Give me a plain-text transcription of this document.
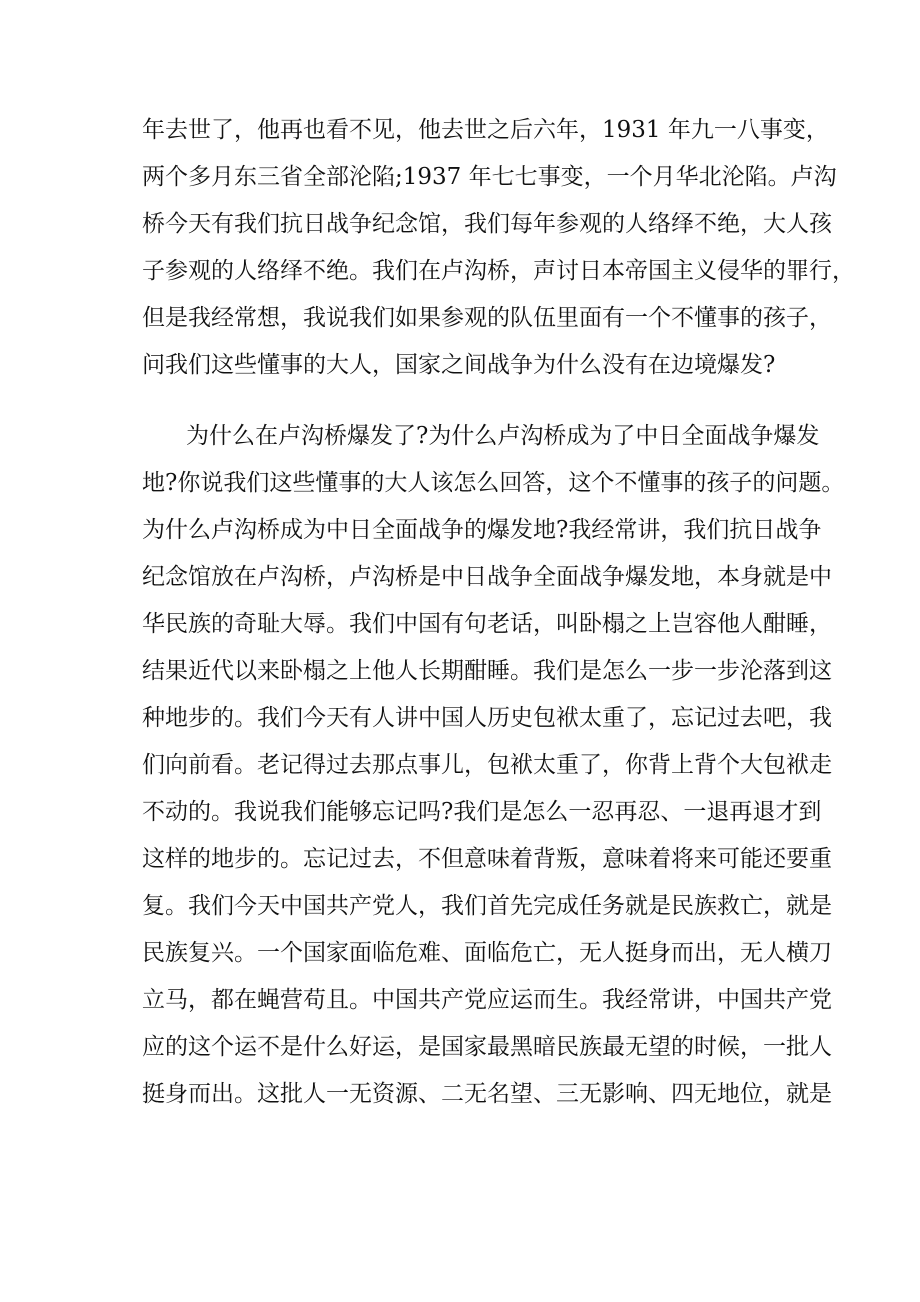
年去世了，他再也看不见，他去世之后六年，1931 年九一八事变，
两个多月东三省全部沦陷;1937 年七七事变，一个月华北沦陷。卢沟
桥今天有我们抗日战争纪念馆，我们每年参观的人络绎不绝，大人孩
子参观的人络绎不绝。我们在卢沟桥，声讨日本帝国主义侵华的罪行，
但是我经常想，我说我们如果参观的队伍里面有一个不懂事的孩子，
问我们这些懂事的大人，国家之间战争为什么没有在边境爆发?
为什么在卢沟桥爆发了?为什么卢沟桥成为了中日全面战争爆发
地?你说我们这些懂事的大人该怎么回答，这个不懂事的孩子的问题。
为什么卢沟桥成为中日全面战争的爆发地?我经常讲，我们抗日战争
纪念馆放在卢沟桥，卢沟桥是中日战争全面战争爆发地，本身就是中
华民族的奇耻大辱。我们中国有句老话，叫卧榻之上岂容他人酣睡，
结果近代以来卧榻之上他人长期酣睡。我们是怎么一步一步沦落到这
种地步的。我们今天有人讲中国人历史包袱太重了，忘记过去吧，我
们向前看。老记得过去那点事儿，包袱太重了，你背上背个大包袱走
不动的。我说我们能够忘记吗?我们是怎么一忍再忍、一退再退才到
这样的地步的。忘记过去，不但意味着背叛，意味着将来可能还要重
复。我们今天中国共产党人，我们首先完成任务就是民族救亡，就是
民族复兴。一个国家面临危难、面临危亡，无人挺身而出，无人横刀
立马，都在蝇营苟且。中国共产党应运而生。我经常讲，中国共产党
应的这个运不是什么好运，是国家最黑暗民族最无望的时候，一批人
挺身而出。这批人一无资源、二无名望、三无影响、四无地位，就是
